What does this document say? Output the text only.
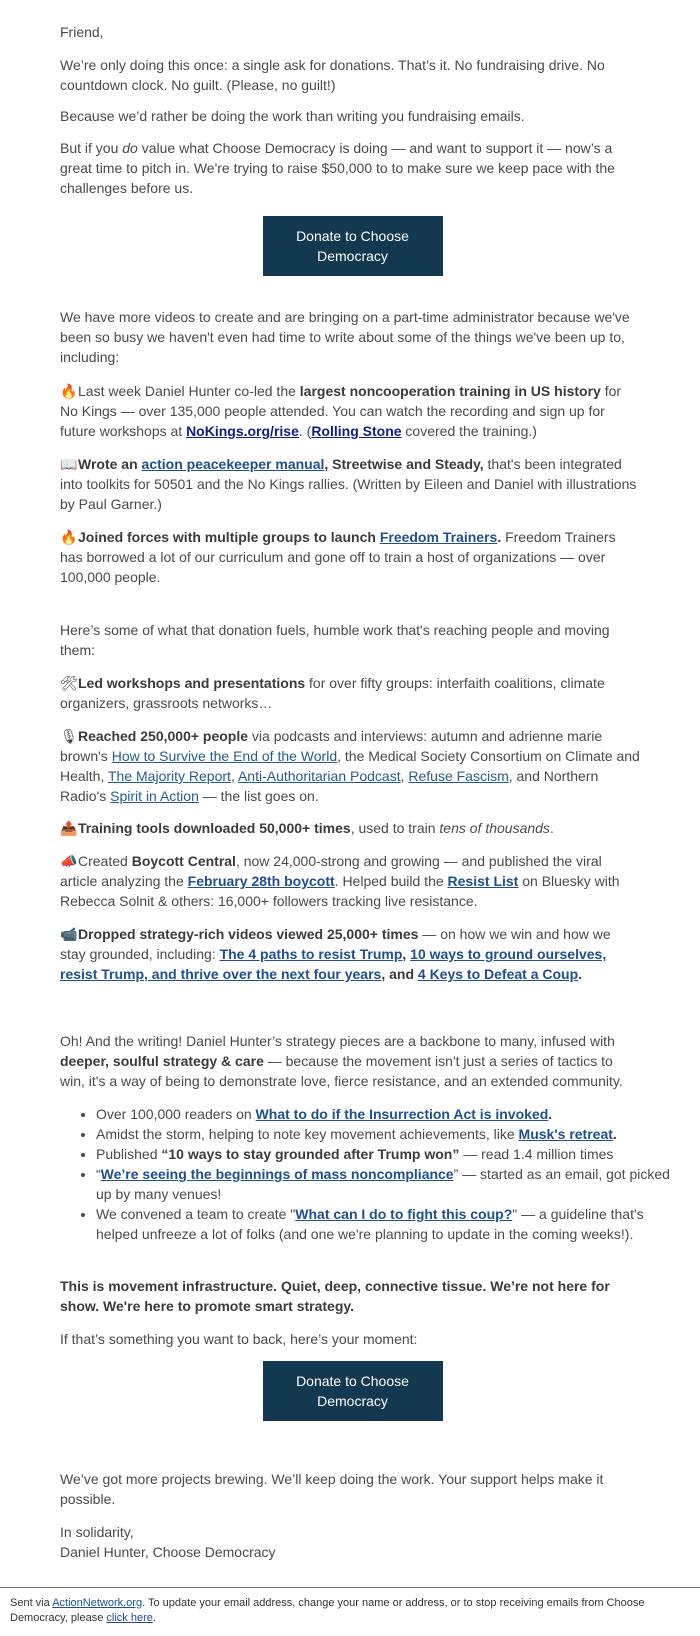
Friend,

We’re only doing this once: a single ask for donations. That’s it. No fundraising drive. No countdown clock. No guilt. (Please, no guilt!)

Because we’d rather be doing the work than writing you fundraising emails.

But if you do value what Choose Democracy is doing — and want to support it — now’s a great time to pitch in. We're trying to raise $50,000 to to make sure we keep pace with the challenges before us.

Donate to Choose Democracy

We have more videos to create and are bringing on a part-time administrator because we've been so busy we haven't even had time to write about some of the things we've been up to, including:

🔥Last week Daniel Hunter co-led the largest noncooperation training in US history for No Kings — over 135,000 people attended. You can watch the recording and sign up for future workshops at NoKings.org/rise. (Rolling Stone covered the training.)

📖Wrote an action peacekeeper manual, Streetwise and Steady, that's been integrated into toolkits for 50501 and the No Kings rallies. (Written by Eileen and Daniel with illustrations by Paul Garner.)

🔥Joined forces with multiple groups to launch Freedom Trainers. Freedom Trainers has borrowed a lot of our curriculum and gone off to train a host of organizations — over 100,000 people.

Here’s some of what that donation fuels, humble work that's reaching people and moving them:

🛠Led workshops and presentations for over fifty groups: interfaith coalitions, climate organizers, grassroots networks…

🎙Reached 250,000+ people via podcasts and interviews: autumn and adrienne marie brown's How to Survive the End of the World, the Medical Society Consortium on Climate and Health, The Majority Report, Anti-Authoritarian Podcast, Refuse Fascism, and Northern Radio's Spirit in Action — the list goes on.

📤Training tools downloaded 50,000+ times, used to train tens of thousands.

📣Created Boycott Central, now 24,000-strong and growing — and published the viral article analyzing the February 28th boycott. Helped build the Resist List on Bluesky with Rebecca Solnit & others: 16,000+ followers tracking live resistance.

📹Dropped strategy-rich videos viewed 25,000+ times — on how we win and how we stay grounded, including: The 4 paths to resist Trump, 10 ways to ground ourselves, resist Trump, and thrive over the next four years, and 4 Keys to Defeat a Coup.

Oh! And the writing! Daniel Hunter’s strategy pieces are a backbone to many, infused with deeper, soulful strategy & care — because the movement isn't just a series of tactics to win, it's a way of being to demonstrate love, fierce resistance, and an extended community.

• Over 100,000 readers on What to do if the Insurrection Act is invoked.
• Amidst the storm, helping to note key movement achievements, like Musk's retreat.
• Published “10 ways to stay grounded after Trump won” — read 1.4 million times
• “We’re seeing the beginnings of mass noncompliance” — started as an email, got picked up by many venues!
• We convened a team to create "What can I do to fight this coup?" — a guideline that's helped unfreeze a lot of folks (and one we're planning to update in the coming weeks!).

This is movement infrastructure. Quiet, deep, connective tissue. We’re not here for show. We're here to promote smart strategy.

If that’s something you want to back, here’s your moment:

Donate to Choose Democracy

We’ve got more projects brewing. We’ll keep doing the work. Your support helps make it possible.

In solidarity,

Daniel Hunter, Choose Democracy

Sent via ActionNetwork.org. To update your email address, change your name or address, or to stop receiving emails from Choose Democracy, please click here.
